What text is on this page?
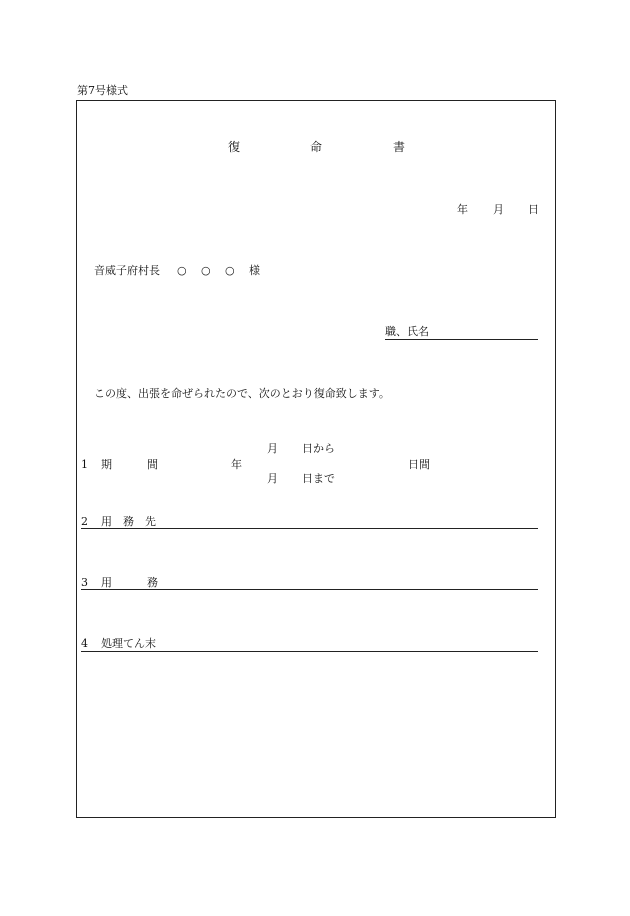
第7号様式
復	命	書
年 月 日
音威子府村長 ○ ○ ○ 様
職、氏名
この度、出張を命ぜられたので、次のとおり復命致します。
月 日から
1 期	間	年	日間
月 日まで
2 用　務　先
3 用	務
4 処理てん末
